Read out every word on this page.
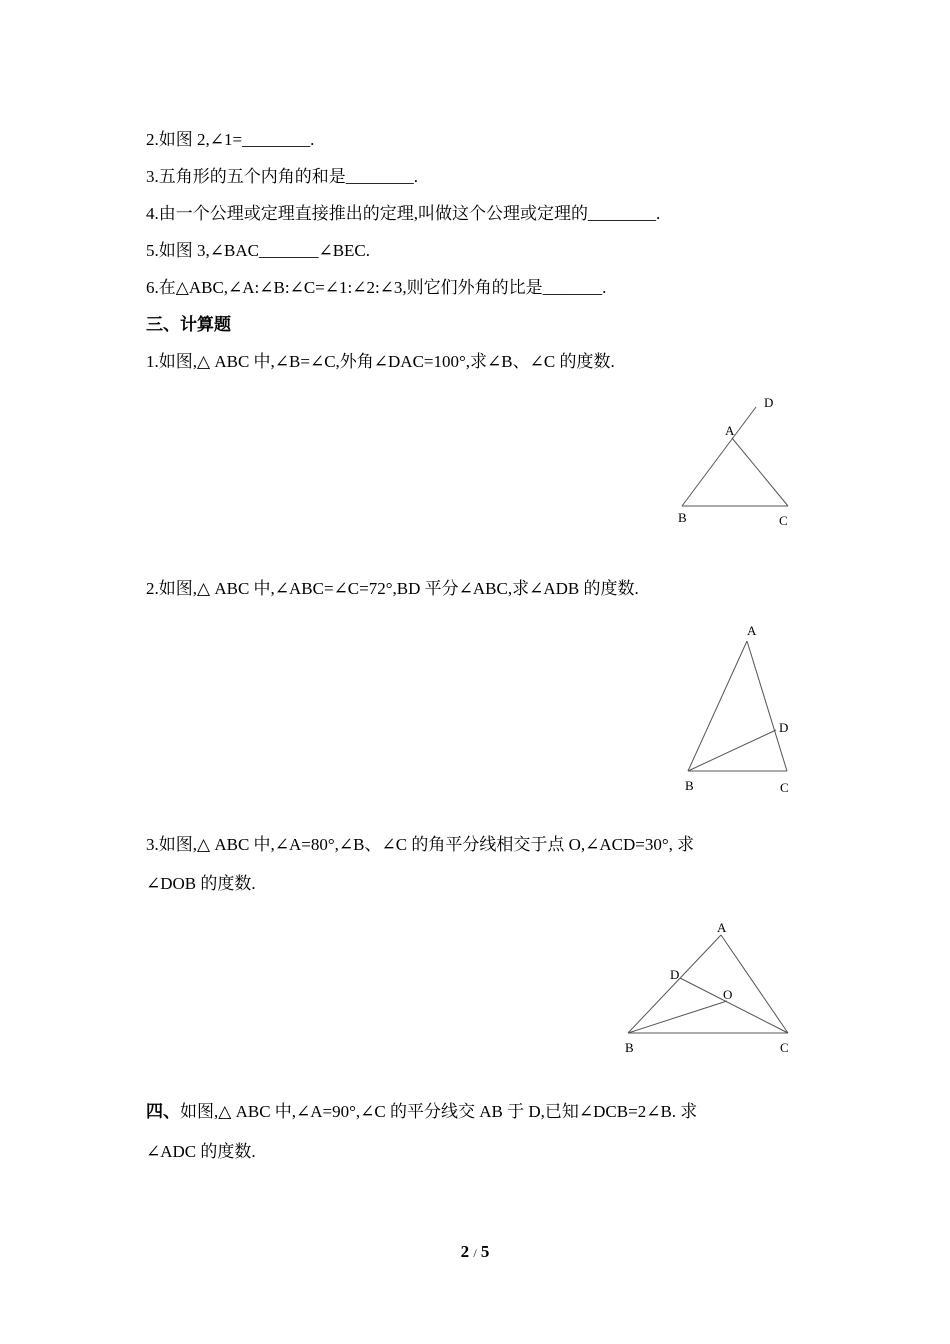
2.如图 2,∠1=________.
3.五角形的五个内角的和是________.
4.由一个公理或定理直接推出的定理,叫做这个公理或定理的________.
5.如图 3,∠BAC_______∠BEC.
6.在△ABC,∠A:∠B:∠C=∠1:∠2:∠3,则它们外角的比是_______.
三、计算题
1.如图,△ ABC 中,∠B=∠C,外角∠DAC=100°,求∠B、∠C 的度数.
D
A
B	C
2.如图,△ ABC 中,∠ABC=∠C=72°,BD 平分∠ABC,求∠ADB 的度数.
A
D
B	C
3.如图,△ ABC 中,∠A=80°,∠B、∠C 的角平分线相交于点 O,∠ACD=30°, 求
∠DOB 的度数.
A
D
O
B	C
四、如图,△ ABC 中,∠A=90°,∠C 的平分线交 AB 于 D,已知∠DCB=2∠B. 求
∠ADC 的度数.
2 / 5
